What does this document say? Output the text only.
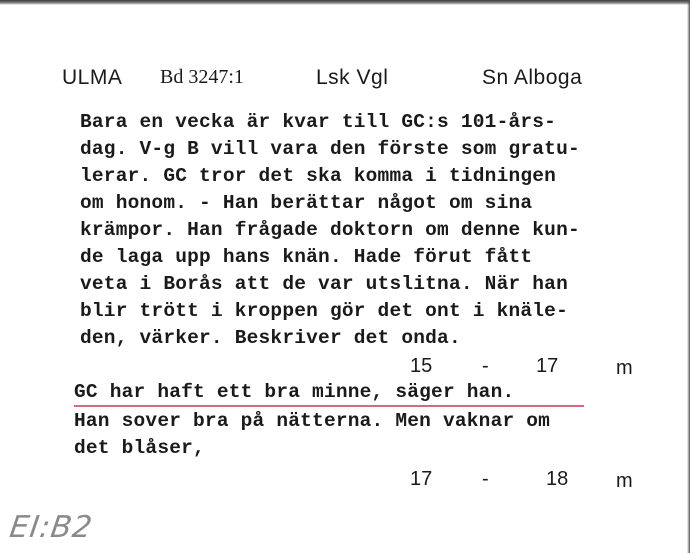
ULMA Bd 3247:1	Lsk Vgl	Sn Alboga
Bara en vecka är kvar till GC:s 101-års-
dag. V-g B vill vara den förste som gratu-
lerar. GC tror det ska komma i tidningen
om honom. - Han berättar något om sina
krämpor. Han frågade doktorn om denne kun-
de laga upp hans knän. Hade förut fått
veta i Borås att de var utslitna. När han
blir trött i kroppen gör det ont i knäle-
den, värker. Beskriver det onda.
15 - 17	m
GC har haft ett bra minne, säger han.
Han sover bra på nätterna. Men vaknar om
det blåser,
17 -	18 m
EI:B2
